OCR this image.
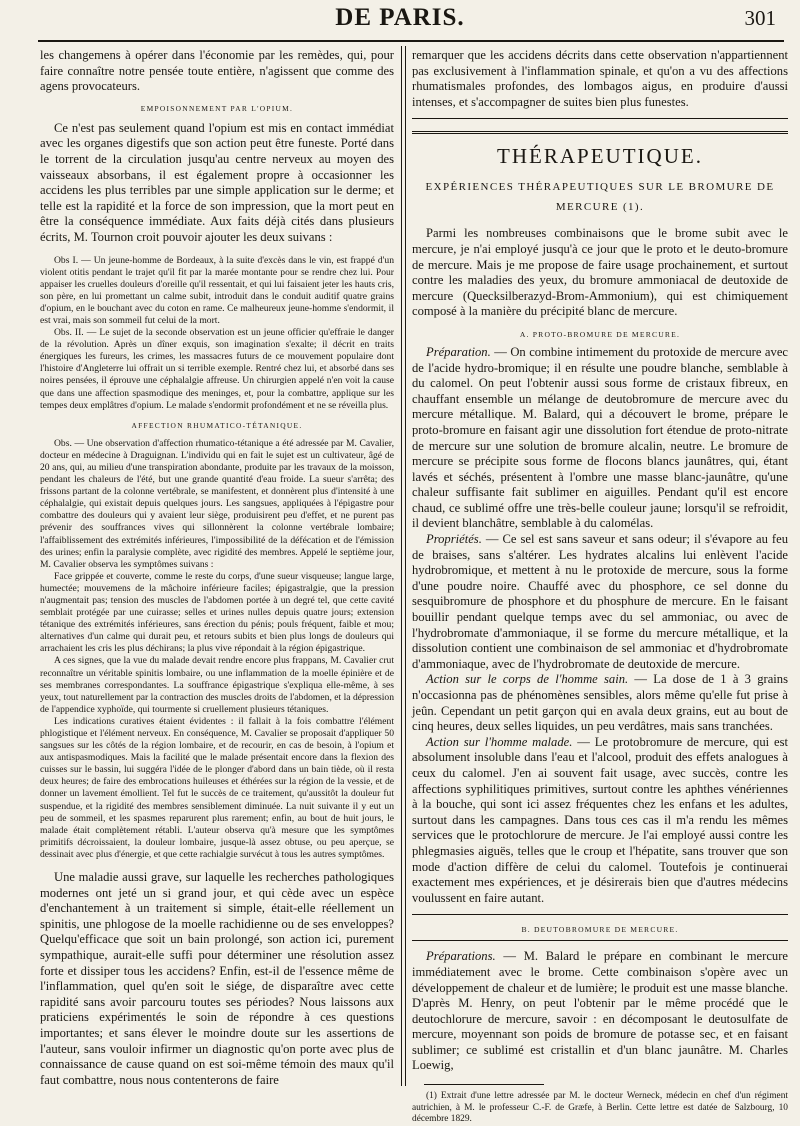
DE PARIS.	301

les changemens à opérer dans l'économie par les remèdes, qui, pour faire connaître notre pensée toute entière, n'agissent que comme des agens provocateurs.

EMPOISONNEMENT PAR L'OPIUM.

Ce n'est pas seulement quand l'opium est mis en contact immédiat avec les organes digestifs que son action peut être funeste. Porté dans le torrent de la circulation jusqu'au centre nerveux au moyen des vaisseaux absorbans, il est également propre à occasionner les accidens les plus terribles par une simple application sur le derme; et telle est la rapidité et la force de son impression, que la mort peut en être la conséquence immédiate. Aux faits déjà cités dans plusieurs écrits, M. Tournon croit pouvoir ajouter les deux suivans :

Obs I. — Un jeune-homme de Bordeaux, à la suite d'excès dans le vin, est frappé d'un violent otitis pendant le trajet qu'il fit par la marée montante pour se rendre chez lui. Pour appaiser les cruelles douleurs d'oreille qu'il ressentait, et qui lui faisaient jeter les hauts cris, son père, en lui promettant un calme subit, introduit dans le conduit auditif quatre grains d'opium, en le bouchant avec du coton en rame. Ce malheureux jeune-homme s'endormit, il est vrai, mais son sommeil fut celui de la mort.

Obs. II. — Le sujet de la seconde observation est un jeune officier qu'effraie le danger de la révolution. Après un dîner exquis, son imagination s'exalte; il décrit en traits énergiques les fureurs, les crimes, les massacres futurs de ce mouvement populaire dont l'histoire d'Angleterre lui offrait un si terrible exemple. Rentré chez lui, et absorbé dans ses noires pensées, il éprouve une céphalalgie affreuse. Un chirurgien appelé n'en voit la cause que dans une affection spasmodique des meninges, et, pour la combattre, applique sur les tempes deux emplâtres d'opium. Le malade s'endormit profondément et ne se réveilla plus.

AFFECTION RHUMATICO-TÉTANIQUE.

Obs. — Une observation d'affection rhumatico-tétanique a été adressée par M. Cavalier, docteur en médecine à Draguignan. L'individu qui en fait le sujet est un cultivateur, âgé de 20 ans, qui, au milieu d'une transpiration abondante, produite par les travaux de la moisson, pendant les chaleurs de l'été, but une grande quantité d'eau froide. La sueur s'arrêta; des frissons partant de la colonne vertébrale, se manifestent, et donnèrent plus d'intensité à une céphalalgie, qui existait depuis quelques jours. Les sangsues, appliquées à l'épigastre pour combattre des douleurs qui y avaient leur siège, produisirent peu d'effet, et ne purent pas prévenir des souffrances vives qui sillonnèrent la colonne vertébrale lombaire; l'affaiblissement des extrémités inférieures, l'impossibilité de la défécation et de l'émission des urines; enfin la paralysie complète, avec rigidité des membres. Appelé le septième jour, M. Cavalier observa les symptômes suivans :

Face grippée et couverte, comme le reste du corps, d'une sueur visqueuse; langue large, humectée; mouvemens de la mâchoire inférieure faciles; épigastralgie, que la pression n'augmentait pas; tension des muscles de l'abdomen portée à un degré tel, que cette cavité semblait protégée par une cuirasse; selles et urines nulles depuis quatre jours; extension tétanique des extrémités inférieures, sans érection du pénis; pouls fréquent, faible et mou; alternatives d'un calme qui durait peu, et retours subits et bien plus longs de douleurs qui arrachaient les cris les plus déchirans; la plus vive répondait à la région épigastrique.

A ces signes, que la vue du malade devait rendre encore plus frappans, M. Cavalier crut reconnaître un véritable spinitis lombaire, ou une inflammation de la moelle épinière et de ses membranes correspondantes. La souffrance épigastrique s'expliqua elle-même, à ses yeux, tout naturellement par la contraction des muscles droits de l'abdomen, et la dépression de l'appendice xyphoïde, qui tourmente si cruellement plusieurs tétaniques.

Les indications curatives étaient évidentes : il fallait à la fois combattre l'élément phlogistique et l'élément nerveux. En conséquence, M. Cavalier se proposait d'appliquer 50 sangsues sur les côtés de la région lombaire, et de recourir, en cas de besoin, à l'opium et aux antispasmodiques. Mais la facilité que le malade présentait encore dans la flexion des cuisses sur le bassin, lui suggéra l'idée de le plonger d'abord dans un bain tiède, où il resta deux heures; de faire des embrocations huileuses et éthérées sur la région de la vessie, et de donner un lavement émollient. Tel fut le succès de ce traitement, qu'aussitôt la douleur fut suspendue, et la rigidité des membres sensiblement diminuée. La nuit suivante il y eut un peu de sommeil, et les spasmes reparurent plus rarement; enfin, au bout de huit jours, le malade était complètement rétabli. L'auteur observa qu'à mesure que les symptômes primitifs décroissaient, la douleur lombaire, jusque-là assez obtuse, ou peu aperçue, se dessinait avec plus d'énergie, et que cette rachialgie survécut à tous les autres symptômes.

Une maladie aussi grave, sur laquelle les recherches pathologiques modernes ont jeté un si grand jour, et qui cède avec un espèce d'enchantement à un traitement si simple, était-elle réellement un spinitis, une phlogose de la moelle rachidienne ou de ses enveloppes? Quelqu'efficace que soit un bain prolongé, son action ici, purement sympathique, aurait-elle suffi pour déterminer une résolution assez forte et dissiper tous les accidens? Enfin, est-il de l'essence même de l'inflammation, quel qu'en soit le siége, de disparaître avec cette rapidité sans avoir parcouru toutes ses périodes? Nous laissons aux praticiens expérimentés le soin de répondre à ces questions importantes; et sans élever le moindre doute sur les assertions de l'auteur, sans vouloir infirmer un diagnostic qu'on porte avec plus de connaissance de cause quand on est soi-même témoin des maux qu'il faut combattre, nous nous contenterons de faire

remarquer que les accidens décrits dans cette observation n'appartiennent pas exclusivement à l'inflammation spinale, et qu'on a vu des affections rhumatismales profondes, des lombagos aigus, en produire d'aussi intenses, et s'accompagner de suites bien plus funestes.

THÉRAPEUTIQUE.
EXPÉRIENCES THÉRAPEUTIQUES SUR LE BROMURE DE MERCURE (1).

Parmi les nombreuses combinaisons que le brome subit avec le mercure, je n'ai employé jusqu'à ce jour que le proto et le deuto-bromure de mercure. Mais je me propose de faire usage prochainement, et surtout contre les maladies des yeux, du bromure ammoniacal de deutoxide de mercure (Quecksilberazyd-Brom-Ammonium), qui est chimiquement composé à la manière du précipité blanc de mercure.

A. PROTO-BROMURE DE MERCURE.

Préparation. — On combine intimement du protoxide de mercure avec de l'acide hydro-bromique; il en résulte une poudre blanche, semblable à du calomel. On peut l'obtenir aussi sous forme de cristaux fibreux, en chauffant ensemble un mélange de deutobromure de mercure avec du mercure métallique. M. Balard, qui a découvert le brome, prépare le proto-bromure en faisant agir une dissolution fort étendue de proto-nitrate de mercure sur une solution de bromure alcalin, neutre. Le bromure de mercure se précipite sous forme de flocons blancs jaunâtres, qui, étant lavés et séchés, présentent à l'ombre une masse blanc-jaunâtre, qu'une chaleur suffisante fait sublimer en aiguilles. Pendant qu'il est encore chaud, ce sublimé offre une très-belle couleur jaune; lorsqu'il se refroidit, il devient blanchâtre, semblable à du calomélas.

Propriétés. — Ce sel est sans saveur et sans odeur; il s'évapore au feu de braises, sans s'altérer. Les hydrates alcalins lui enlèvent l'acide hydrobromique, et mettent à nu le protoxide de mercure, sous la forme d'une poudre noire. Chauffé avec du phosphore, ce sel donne du sesquibromure de phosphore et du phosphure de mercure. En le faisant bouillir pendant quelque temps avec du sel ammoniac, ou avec de l'hydrobromate d'ammoniaque, il se forme du mercure métallique, et la dissolution contient une combinaison de sel ammoniac et d'hydrobromate d'ammoniaque, avec de l'hydrobromate de deutoxide de mercure.

Action sur le corps de l'homme sain. — La dose de 1 à 3 grains n'occasionna pas de phénomènes sensibles, alors même qu'elle fut prise à jeûn. Cependant un petit garçon qui en avala deux grains, eut au bout de cinq heures, deux selles liquides, un peu verdâtres, mais sans tranchées.

Action sur l'homme malade. — Le protobromure de mercure, qui est absolument insoluble dans l'eau et l'alcool, produit des effets analogues à ceux du calomel. J'en ai souvent fait usage, avec succès, contre les affections syphilitiques primitives, surtout contre les aphthes vénériennes à la bouche, qui sont ici assez fréquentes chez les enfans et les adultes, surtout dans les campagnes. Dans tous ces cas il m'a rendu les mêmes services que le protochlorure de mercure. Je l'ai employé aussi contre les phlegmasies aiguës, telles que le croup et l'hépatite, sans trouver que son mode d'action diffère de celui du calomel. Toutefois je continuerai exactement mes expériences, et je désirerais bien que d'autres médecins voulussent en faire autant.

B. DEUTOBROMURE DE MERCURE.

Préparations. — M. Balard le prépare en combinant le mercure immédiatement avec le brome. Cette combinaison s'opère avec un développement de chaleur et de lumière; le produit est une masse blanche. D'après M. Henry, on peut l'obtenir par le même procédé que le deutochlorure de mercure, savoir : en décomposant le deutosulfate de mercure, moyennant son poids de bromure de potasse sec, et en faisant sublimer; ce sublimé est cristallin et d'un blanc jaunâtre. M. Charles Loewig,

(1) Extrait d'une lettre adressée par M. le docteur Werneck, médecin en chef d'un régiment autrichien, à M. le professeur C.-F. de Græfe, à Berlin. Cette lettre est datée de Salzbourg, 10 décembre 1829.
